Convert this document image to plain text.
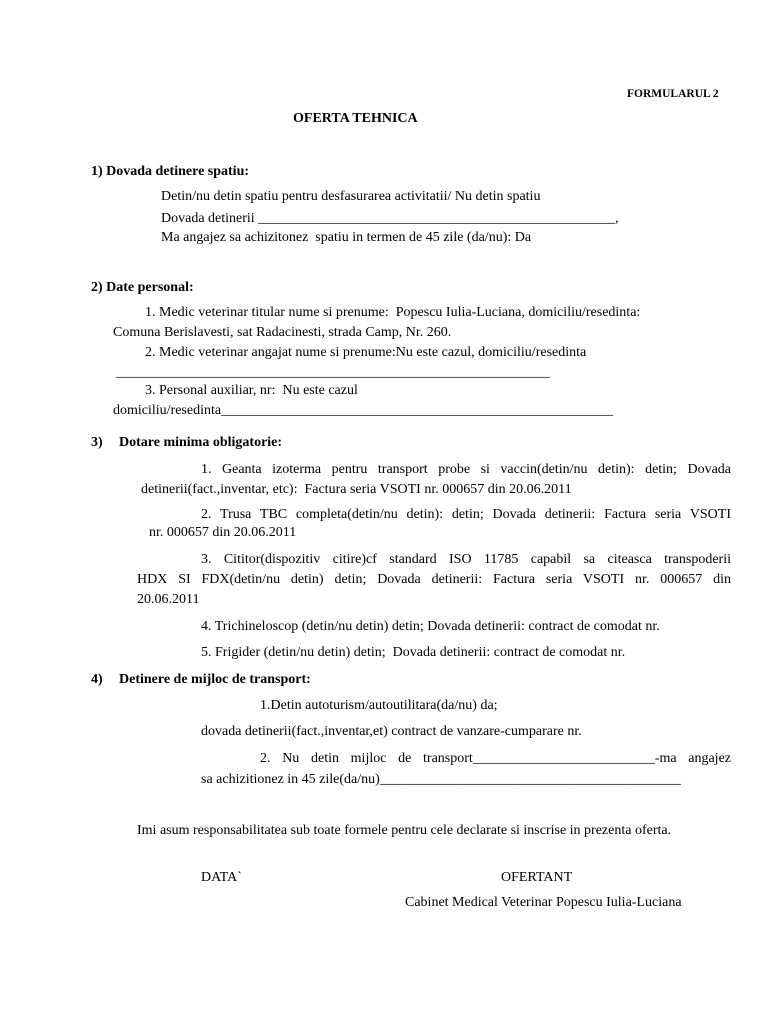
FORMULARUL 2
OFERTA TEHNICA
1) Dovada detinere spatiu:
Detin/nu detin spatiu pentru desfasurarea activitatii/ Nu detin spatiu
Dovada detinerii ___________________________________________________,
Ma angajez sa achizitonez  spatiu in termen de 45 zile (da/nu): Da
2) Date personal:
1. Medic veterinar titular nume si prenume:  Popescu Iulia-Luciana, domiciliu/resedinta:
Comuna Berislavesti, sat Radacinesti, strada Camp, Nr. 260.
2. Medic veterinar angajat nume si prenume:Nu este cazul, domiciliu/resedinta
______________________________________________________________
3. Personal auxiliar, nr:  Nu este cazul
domiciliu/resedinta________________________________________________________
3) Dotare minima obligatorie:
1. Geanta izoterma pentru transport probe si vaccin(detin/nu detin): detin; Dovada
detinerii(fact.,inventar, etc):  Factura seria VSOTI nr. 000657 din 20.06.2011
2. Trusa TBC completa(detin/nu detin): detin; Dovada detinerii: Factura seria VSOTI
nr. 000657 din 20.06.2011
3. Cititor(dispozitiv citire)cf standard ISO 11785 capabil sa citeasca transpoderii
HDX SI FDX(detin/nu detin) detin; Dovada detinerii: Factura seria VSOTI nr. 000657 din
20.06.2011
4. Trichineloscop (detin/nu detin) detin; Dovada detinerii: contract de comodat nr.
5. Frigider (detin/nu detin) detin;  Dovada detinerii: contract de comodat nr.
4) Detinere de mijloc de transport:
1.Detin autoturism/autoutilitara(da/nu) da;
dovada detinerii(fact.,inventar,et) contract de vanzare-cumparare nr.
2. Nu detin mijloc de transport__________________________-ma angajez
sa achizitionez in 45 zile(da/nu)___________________________________________
Imi asum responsabilitatea sub toate formele pentru cele declarate si inscrise in prezenta oferta.
DATA`	OFERTANT
Cabinet Medical Veterinar Popescu Iulia-Luciana
